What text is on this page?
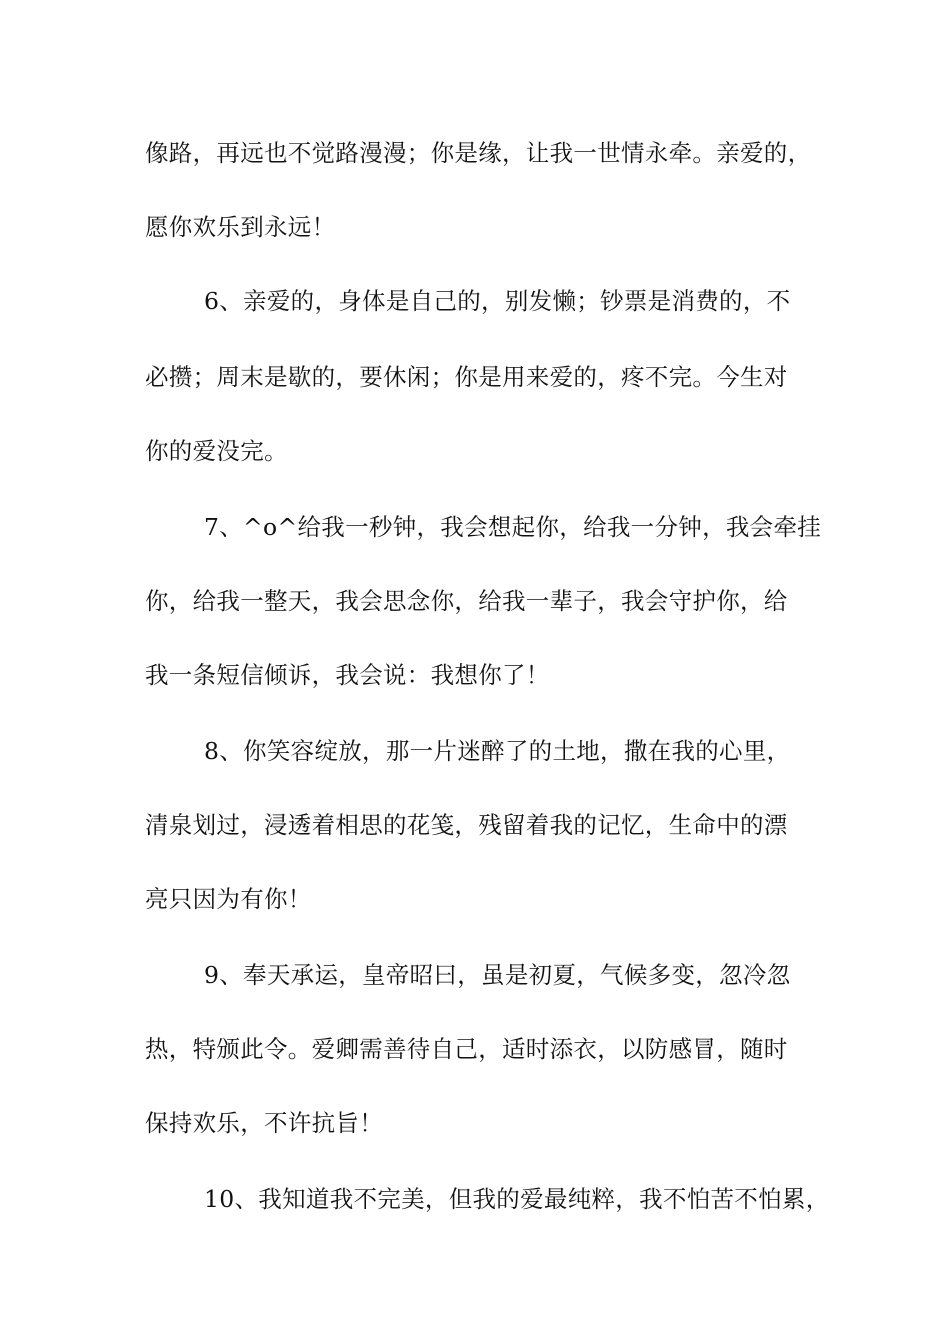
像路，再远也不觉路漫漫；你是缘，让我一世情永牵。亲爱的，
愿你欢乐到永远！
6、亲爱的，身体是自己的，别发懒；钞票是消费的，不
必攒；周末是歇的，要休闲；你是用来爱的，疼不完。今生对
你的爱没完。
7、^o^给我一秒钟，我会想起你，给我一分钟，我会牵挂
你，给我一整天，我会思念你，给我一辈子，我会守护你，给
我一条短信倾诉，我会说：我想你了！
8、你笑容绽放，那一片迷醉了的土地，撒在我的心里，
清泉划过，浸透着相思的花笺，残留着我的记忆，生命中的漂
亮只因为有你！
9、奉天承运，皇帝昭曰，虽是初夏，气候多变，忽冷忽
热，特颁此令。爱卿需善待自己，适时添衣，以防感冒，随时
保持欢乐，不许抗旨！
10、我知道我不完美，但我的爱最纯粹，我不怕苦不怕累，
